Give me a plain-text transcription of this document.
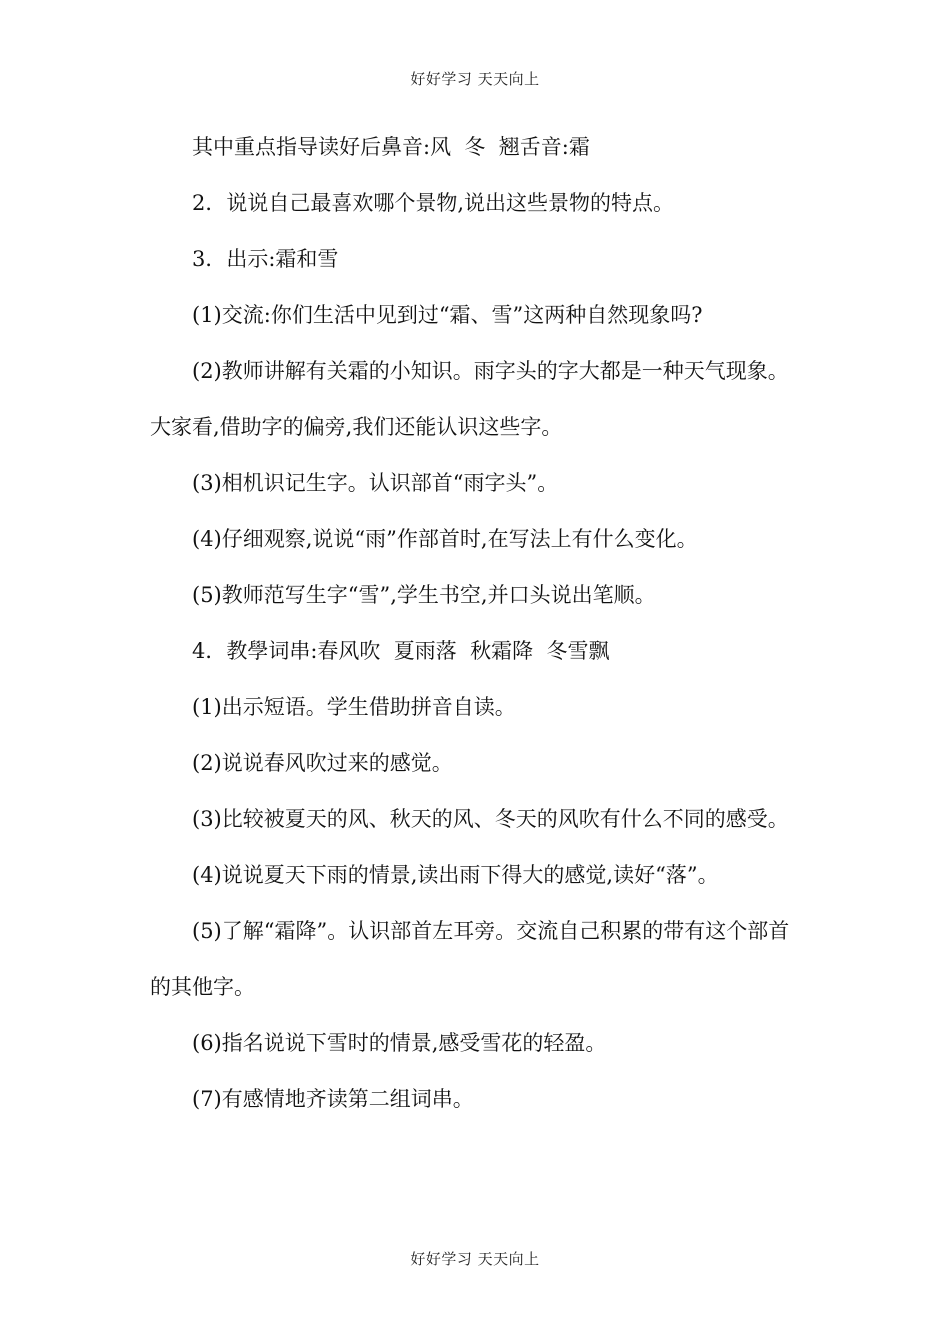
好好学习 天天向上

其中重点指导读好后鼻音:风  冬  翘舌音:霜

2．说说自己最喜欢哪个景物,说出这些景物的特点。

3．出示:霜和雪

(1)交流:你们生活中见到过“霜、雪”这两种自然现象吗?

(2)教师讲解有关霜的小知识。雨字头的字大都是一种天气现象。大家看,借助字的偏旁,我们还能认识这些字。

(3)相机识记生字。认识部首“雨字头”。

(4)仔细观察,说说“雨”作部首时,在写法上有什么变化。

(5)教师范写生字“雪”,学生书空,并口头说出笔顺。

4．教學词串:春风吹  夏雨落  秋霜降  冬雪飘

(1)出示短语。学生借助拼音自读。

(2)说说春风吹过来的感觉。

(3)比较被夏天的风、秋天的风、冬天的风吹有什么不同的感受。

(4)说说夏天下雨的情景,读出雨下得大的感觉,读好“落”。

(5)了解“霜降”。认识部首左耳旁。交流自己积累的带有这个部首的其他字。

(6)指名说说下雪时的情景,感受雪花的轻盈。

(7)有感情地齐读第二组词串。

好好学习 天天向上
